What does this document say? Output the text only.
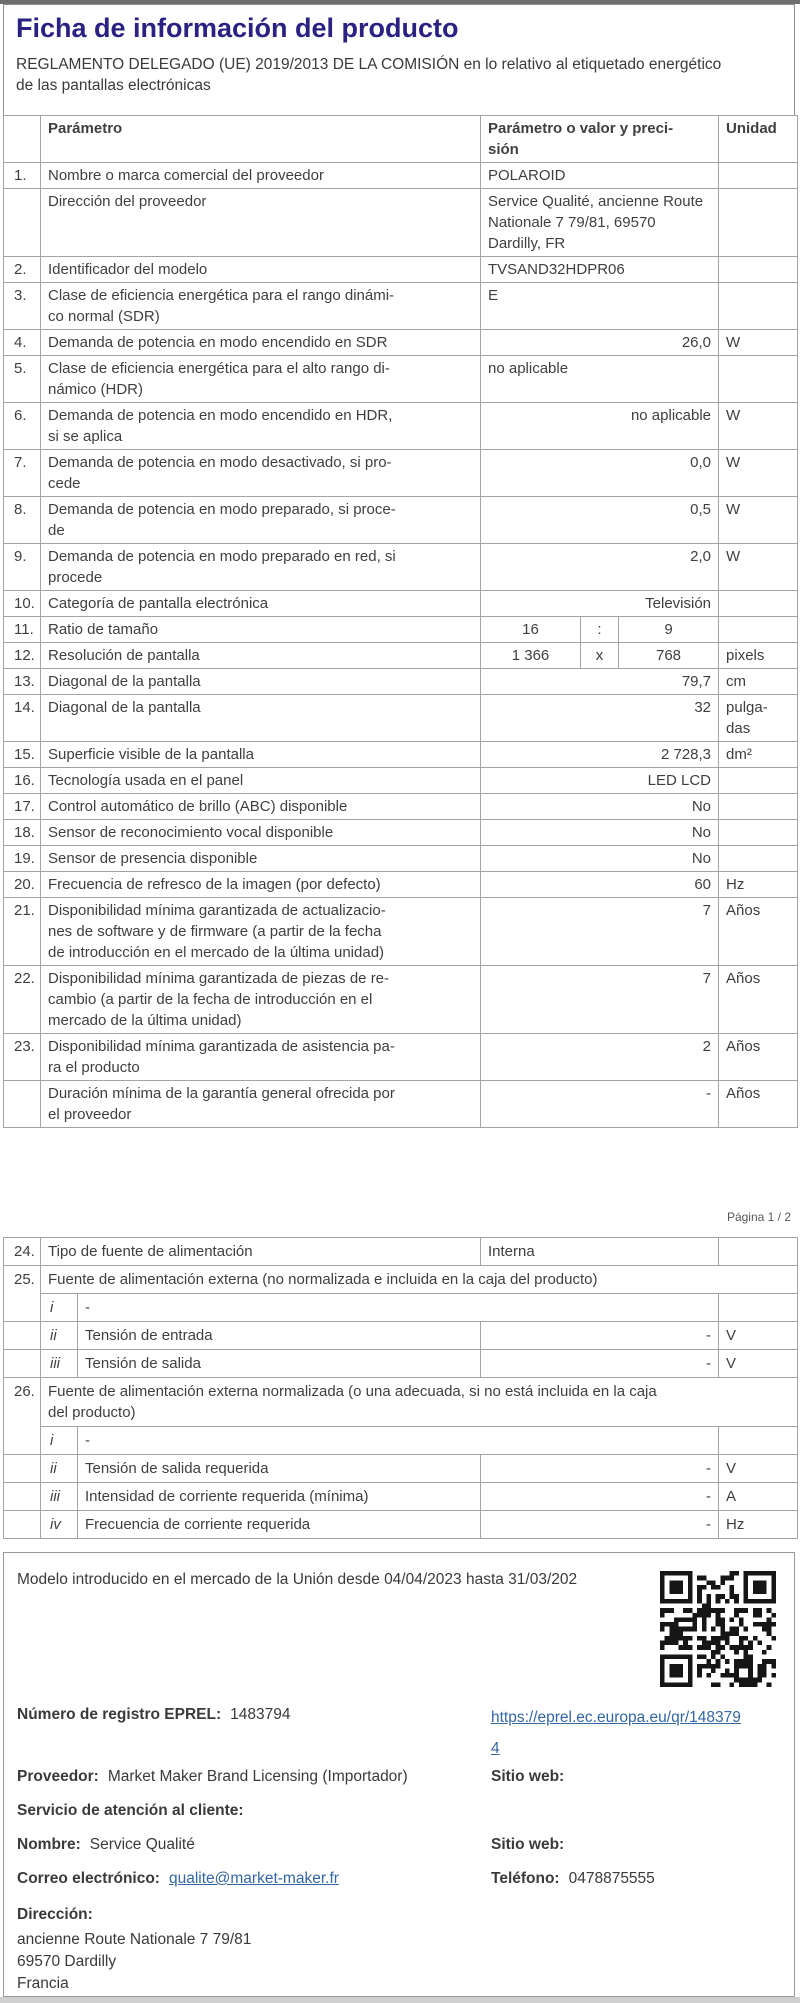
Ficha de información del producto

REGLAMENTO DELEGADO (UE) 2019/2013 DE LA COMISIÓN en lo relativo al etiquetado energético
de las pantallas electrónicas

	Parámetro	Parámetro o valor y preci-
sión			Unidad
1.	Nombre o marca comercial del proveedor	POLAROID			
	Dirección del proveedor	Service Qualité, ancienne Route Nationale 7 79/81, 69570 Dardilly, FR			
2.	Identificador del modelo	TVSAND32HDPR06			
3.	Clase de eficiencia energética para el rango dinámi-
co normal (SDR)	E			
4.	Demanda de potencia en modo encendido en SDR	26,0			W
5.	Clase de eficiencia energética para el alto rango di-
námico (HDR)	no aplicable			
6.	Demanda de potencia en modo encendido en HDR,
si se aplica	no aplicable			W
7.	Demanda de potencia en modo desactivado, si pro-
cede	0,0			W
8.	Demanda de potencia en modo preparado, si proce-
de	0,5			W
9.	Demanda de potencia en modo preparado en red, si
procede	2,0			W
10.	Categoría de pantalla electrónica	Televisión			
11.	Ratio de tamaño	16	:	9	
12.	Resolución de pantalla	1 366	x	768	pixels
13.	Diagonal de la pantalla	79,7			cm
14.	Diagonal de la pantalla	32			pulga-
das
15.	Superficie visible de la pantalla	2 728,3			dm²
16.	Tecnología usada en el panel	LED LCD			
17.	Control automático de brillo (ABC) disponible	No			
18.	Sensor de reconocimiento vocal disponible	No			
19.	Sensor de presencia disponible	No			
20.	Frecuencia de refresco de la imagen (por defecto)	60			Hz
21.	Disponibilidad mínima garantizada de actualizacio-
nes de software y de firmware (a partir de la fecha
de introducción en el mercado de la última unidad)	7			Años
22.	Disponibilidad mínima garantizada de piezas de re-
cambio (a partir de la fecha de introducción en el
mercado de la última unidad)	7			Años
23.	Disponibilidad mínima garantizada de asistencia pa-
ra el producto	2			Años
	Duración mínima de la garantía general ofrecida por
el proveedor	-			Años
Página 1 / 2
24.	Tipo de fuente de alimentación		Interna	
25.	Fuente de alimentación externa (no normalizada e incluida en la caja del producto)			
	i	-		
	ii	Tensión de entrada	-	V
	iii	Tensión de salida	-	V
26.	Fuente de alimentación externa normalizada (o una adecuada, si no está incluida en la caja
del producto)			
	i	-		
	ii	Tensión de salida requerida	-	V
	iii	Intensidad de corriente requerida (mínima)	-	A
	iv	Frecuencia de corriente requerida	-	Hz
Modelo introducido en el mercado de la Unión desde 04/04/2023 hasta 31/03/202
Número de registro EPREL: 1483794	https://eprel.ec.europa.eu/qr/1483794
Proveedor: Market Maker Brand Licensing (Importador)	Sitio web:
Servicio de atención al cliente:
Nombre: Service Qualité	Sitio web:
Correo electrónico: qualite@market-maker.fr	Teléfono: 0478875555
Dirección:
ancienne Route Nationale 7 79/81
69570 Dardilly
Francia
